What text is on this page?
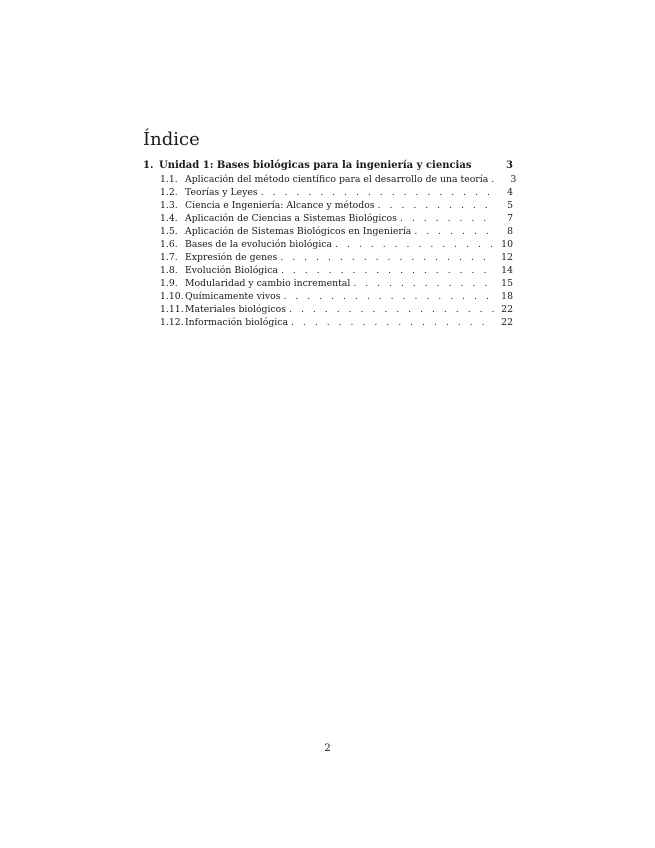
Índice
1. Unidad 1: Bases biológicas para la ingeniería y ciencias	3
1.1. Aplicación del método científico para el desarrollo de una teoría . . .	3
1.2. Teorías y Leyes . . .	4
1.3. Ciencia e Ingeniería: Alcance y métodos . . .	5
1.4. Aplicación de Ciencias a Sistemas Biológicos . . .	7
1.5. Aplicación de Sistemas Biológicos en Ingeniería . . .	8
1.6. Bases de la evolución biológica . . .	10
1.7. Expresión de genes . . .	12
1.8. Evolución Biológica . . .	14
1.9. Modularidad y cambio incremental . . .	15
1.10. Químicamente vivos . . .	18
1.11. Materiales biológicos . . .	22
1.12. Información biológica . . .	22
2
